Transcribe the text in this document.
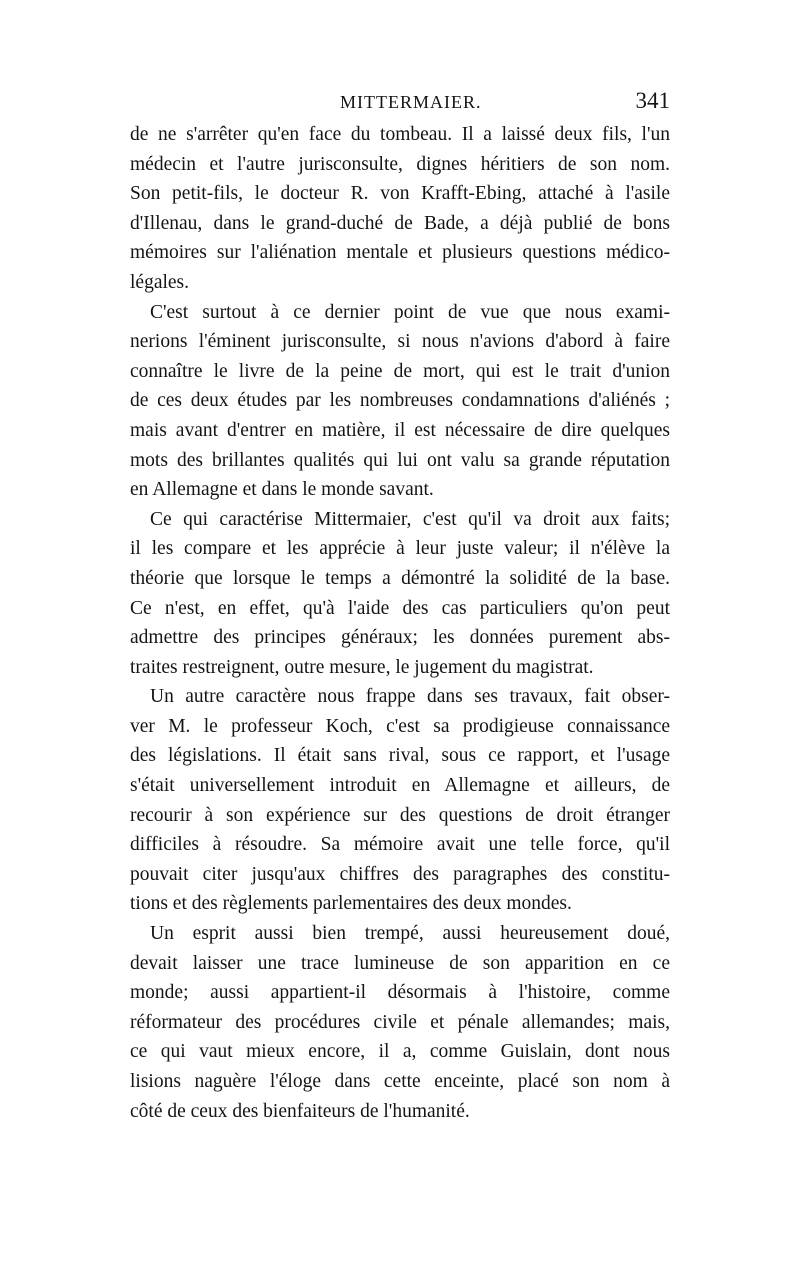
MITTERMAIER.	341
de ne s'arrêter qu'en face du tombeau. Il a laissé deux fils, l'un
médecin et l'autre jurisconsulte, dignes héritiers de son nom.
Son petit-fils, le docteur R. von Krafft-Ebing, attaché à l'asile
d'Illenau, dans le grand-duché de Bade, a déjà publié de bons
mémoires sur l'aliénation mentale et plusieurs questions médico-
légales.
C'est surtout à ce dernier point de vue que nous exami-
nerions l'éminent jurisconsulte, si nous n'avions d'abord à faire
connaître le livre de la peine de mort, qui est le trait d'union
de ces deux études par les nombreuses condamnations d'aliénés ;
mais avant d'entrer en matière, il est nécessaire de dire quelques
mots des brillantes qualités qui lui ont valu sa grande réputation
en Allemagne et dans le monde savant.
Ce qui caractérise Mittermaier, c'est qu'il va droit aux faits;
il les compare et les apprécie à leur juste valeur; il n'élève la
théorie que lorsque le temps a démontré la solidité de la base.
Ce n'est, en effet, qu'à l'aide des cas particuliers qu'on peut
admettre des principes généraux; les données purement abs-
traites restreignent, outre mesure, le jugement du magistrat.
Un autre caractère nous frappe dans ses travaux, fait obser-
ver M. le professeur Koch, c'est sa prodigieuse connaissance
des législations. Il était sans rival, sous ce rapport, et l'usage
s'était universellement introduit en Allemagne et ailleurs, de
recourir à son expérience sur des questions de droit étranger
difficiles à résoudre. Sa mémoire avait une telle force, qu'il
pouvait citer jusqu'aux chiffres des paragraphes des constitu-
tions et des règlements parlementaires des deux mondes.
Un esprit aussi bien trempé, aussi heureusement doué,
devait laisser une trace lumineuse de son apparition en ce
monde; aussi appartient-il désormais à l'histoire, comme
réformateur des procédures civile et pénale allemandes; mais,
ce qui vaut mieux encore, il a, comme Guislain, dont nous
lisions naguère l'éloge dans cette enceinte, placé son nom à
côté de ceux des bienfaiteurs de l'humanité.
